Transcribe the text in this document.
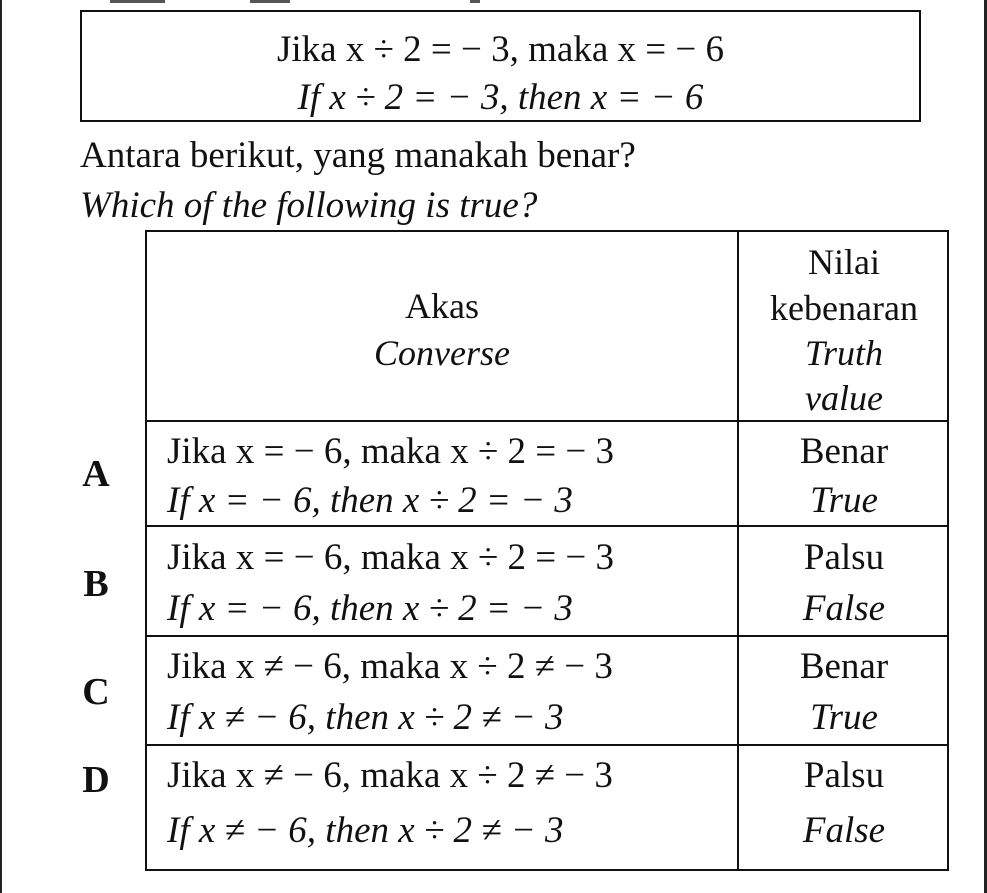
Jika x ÷ 2 = − 3, maka x = − 6
If x ÷ 2 = − 3, then x = − 6
Antara berikut, yang manakah benar?
Which of the following is true?
A
B
C
D
Akas
Converse
Nilai
kebenaran
Truth
value
Jika x = − 6, maka x ÷ 2 = − 3
If x = − 6, then x ÷ 2 = − 3
Benar
True
Jika x = − 6, maka x ÷ 2 = − 3
If x = − 6, then x ÷ 2 = − 3
Palsu
False
Jika x ≠ − 6, maka x ÷ 2 ≠ − 3
If x ≠ − 6, then x ÷ 2 ≠ − 3
Benar
True
Jika x ≠ − 6, maka x ÷ 2 ≠ − 3
If x ≠ − 6, then x ÷ 2 ≠ − 3
Palsu
False
